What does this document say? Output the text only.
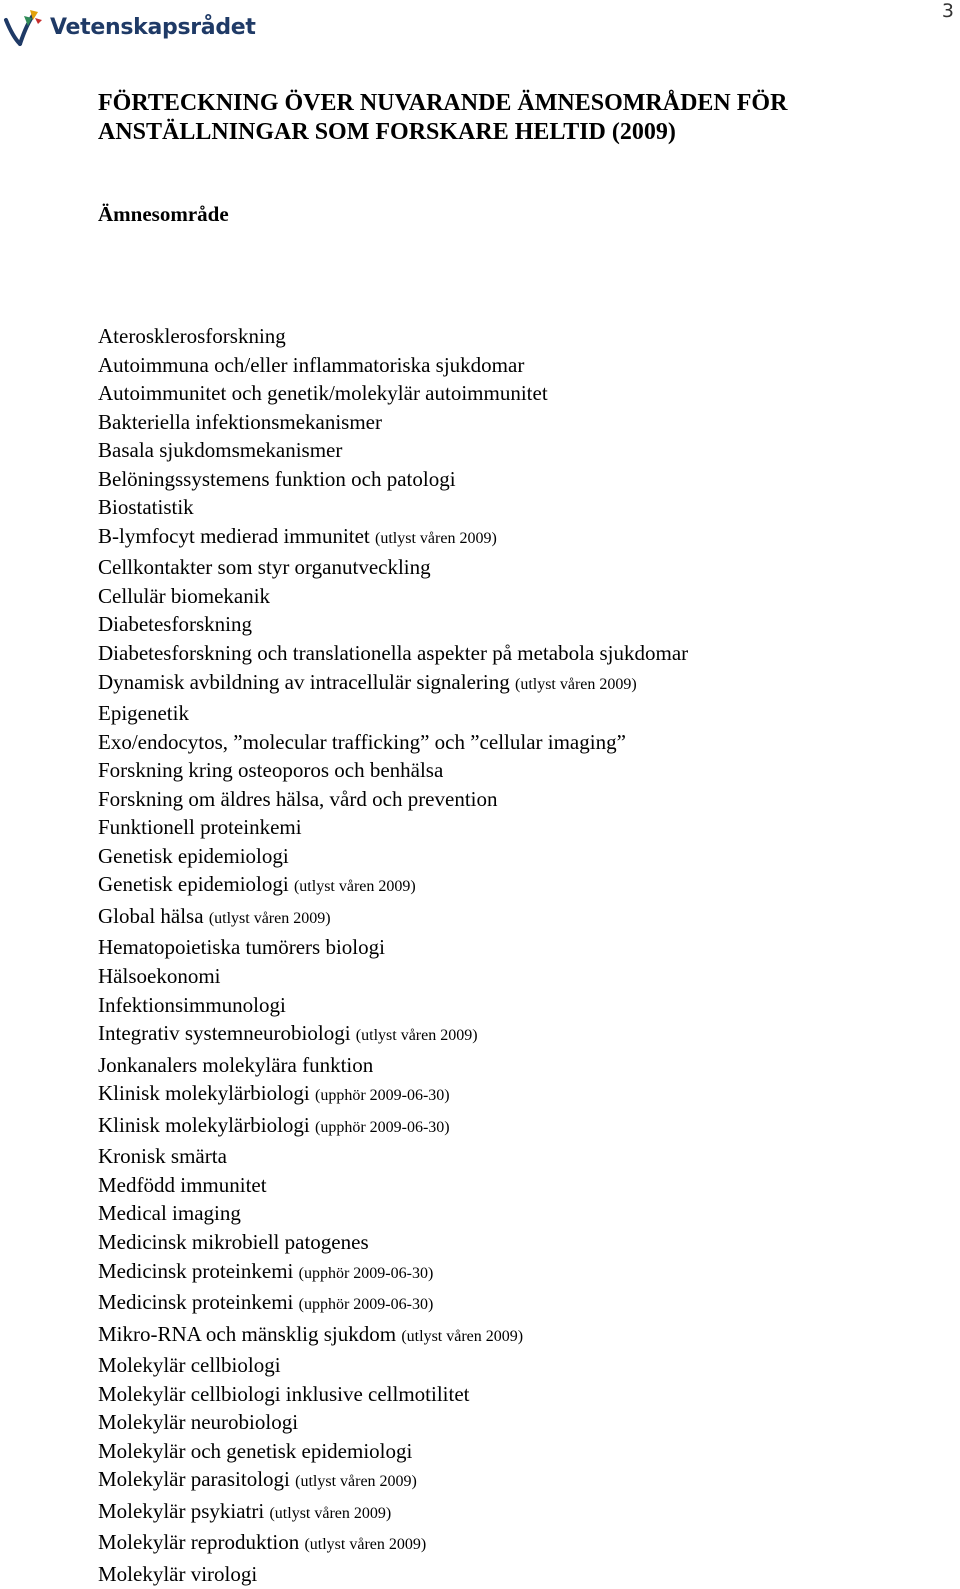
Vetenskapsrådet
3
FÖRTECKNING ÖVER NUVARANDE ÄMNESOMRÅDEN FÖR
ANSTÄLLNINGAR SOM FORSKARE HELTID (2009)
Ämnesområde
Aterosklerosforskning
Autoimmuna och/eller inflammatoriska sjukdomar
Autoimmunitet och genetik/molekylär autoimmunitet
Bakteriella infektionsmekanismer
Basala sjukdomsmekanismer
Belöningssystemens funktion och patologi
Biostatistik
B-lymfocyt medierad immunitet (utlyst våren 2009)
Cellkontakter som styr organutveckling
Cellulär biomekanik
Diabetesforskning
Diabetesforskning och translationella aspekter på metabola sjukdomar
Dynamisk avbildning av intracellulär signalering (utlyst våren 2009)
Epigenetik
Exo/endocytos, ”molecular trafficking” och ”cellular imaging”
Forskning kring osteoporos och benhälsa
Forskning om äldres hälsa, vård och prevention
Funktionell proteinkemi
Genetisk epidemiologi
Genetisk epidemiologi (utlyst våren 2009)
Global hälsa (utlyst våren 2009)
Hematopoietiska tumörers biologi
Hälsoekonomi
Infektionsimmunologi
Integrativ systemneurobiologi (utlyst våren 2009)
Jonkanalers molekylära funktion
Klinisk molekylärbiologi (upphör 2009-06-30)
Klinisk molekylärbiologi (upphör 2009-06-30)
Kronisk smärta
Medfödd immunitet
Medical imaging
Medicinsk mikrobiell patogenes
Medicinsk proteinkemi (upphör 2009-06-30)
Medicinsk proteinkemi (upphör 2009-06-30)
Mikro-RNA och mänsklig sjukdom (utlyst våren 2009)
Molekylär cellbiologi
Molekylär cellbiologi inklusive cellmotilitet
Molekylär neurobiologi
Molekylär och genetisk epidemiologi
Molekylär parasitologi (utlyst våren 2009)
Molekylär psykiatri (utlyst våren 2009)
Molekylär reproduktion (utlyst våren 2009)
Molekylär virologi
